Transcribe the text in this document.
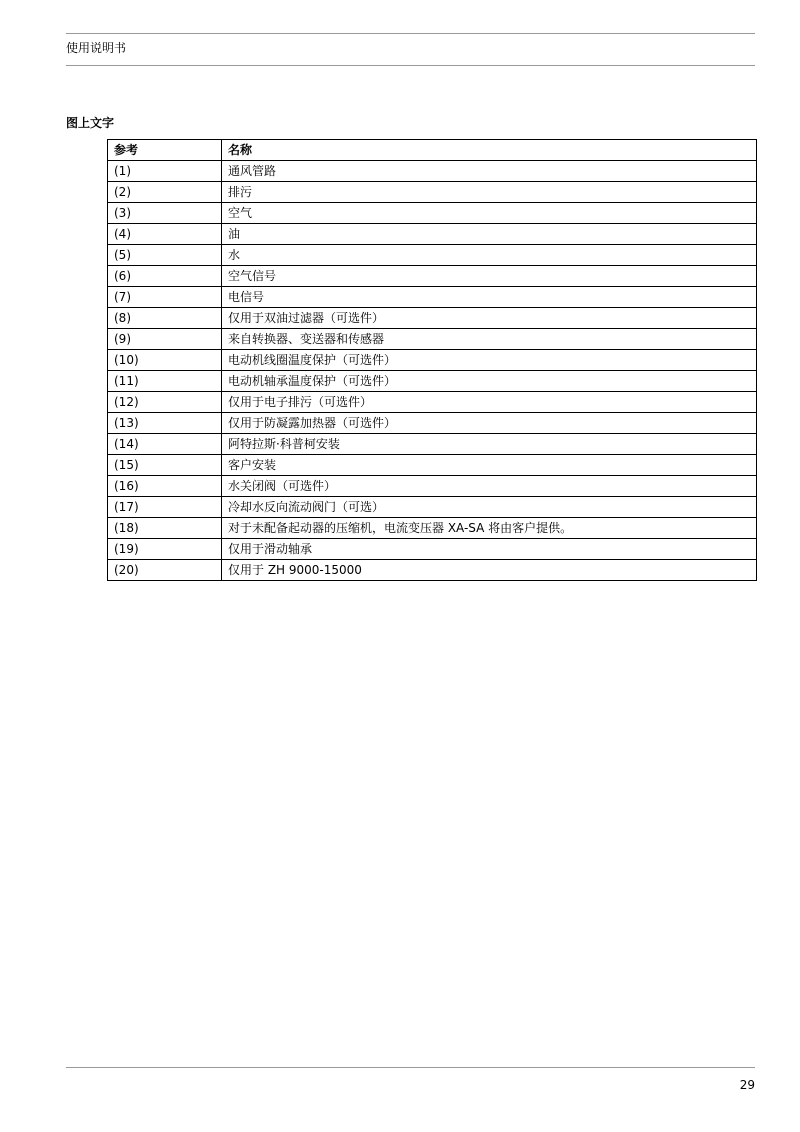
使用说明书
图上文字
参考	名称
(1)	通风管路
(2)	排污
(3)	空气
(4)	油
(5)	水
(6)	空气信号
(7)	电信号
(8)	仅用于双油过滤器（可选件）
(9)	来自转换器、变送器和传感器
(10)	电动机线圈温度保护（可选件）
(11)	电动机轴承温度保护（可选件）
(12)	仅用于电子排污（可选件）
(13)	仅用于防凝露加热器（可选件）
(14)	阿特拉斯·科普柯安装
(15)	客户安装
(16)	水关闭阀（可选件）
(17)	冷却水反向流动阀门（可选）
(18)	对于未配备起动器的压缩机，电流变压器 XA-SA 将由客户提供。
(19)	仅用于滑动轴承
(20)	仅用于 ZH 9000-15000
29
